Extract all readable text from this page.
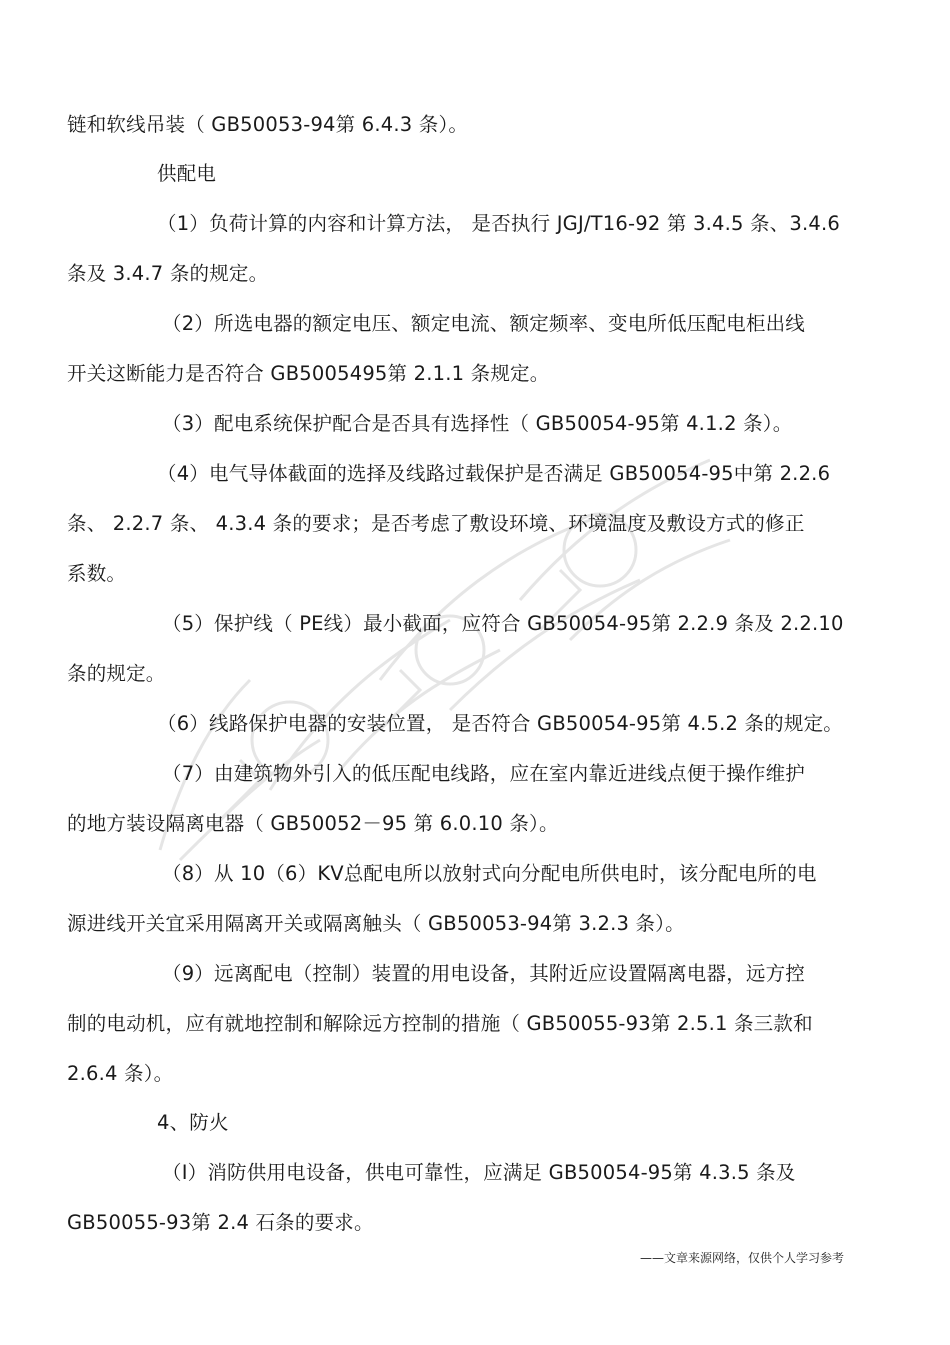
链和软线吊装（ GB50053-94第 6.4.3 条）。
供配电
（1）负荷计算的内容和计算方法， 是否执行 JGJ/T16-92 第 3.4.5 条、3.4.6
条及 3.4.7 条的规定。
（2）所选电器的额定电压、额定电流、额定频率、变电所低压配电柜出线
开关这断能力是否符合 GB5005495第 2.1.1 条规定。
（3）配电系统保护配合是否具有选择性（ GB50054-95第 4.1.2 条）。
（4）电气导体截面的选择及线路过载保护是否满足 GB50054-95中第 2.2.6
条、 2.2.7 条、 4.3.4 条的要求；是否考虑了敷设环境、环境温度及敷设方式的修正
系数。
（5）保护线（ PE线）最小截面，应符合 GB50054-95第 2.2.9 条及 2.2.10
条的规定。
（6）线路保护电器的安装位置， 是否符合 GB50054-95第 4.5.2 条的规定。
（7）由建筑物外引入的低压配电线路，应在室内靠近进线点便于操作维护
的地方装设隔离电器（ GB50052－95 第 6.0.10 条）。
（8）从 10（6）KV总配电所以放射式向分配电所供电时，该分配电所的电
源进线开关宜采用隔离开关或隔离触头（ GB50053-94第 3.2.3 条）。
（9）远离配电（控制）装置的用电设备，其附近应设置隔离电器，远方控
制的电动机，应有就地控制和解除远方控制的措施（ GB50055-93第 2.5.1 条三款和
2.6.4 条）。
4、防火
（Ⅰ）消防供用电设备，供电可靠性，应满足 GB50054-95第 4.3.5 条及
GB50055-93第 2.4 石条的要求。
——文章来源网络，仅供个人学习参考
